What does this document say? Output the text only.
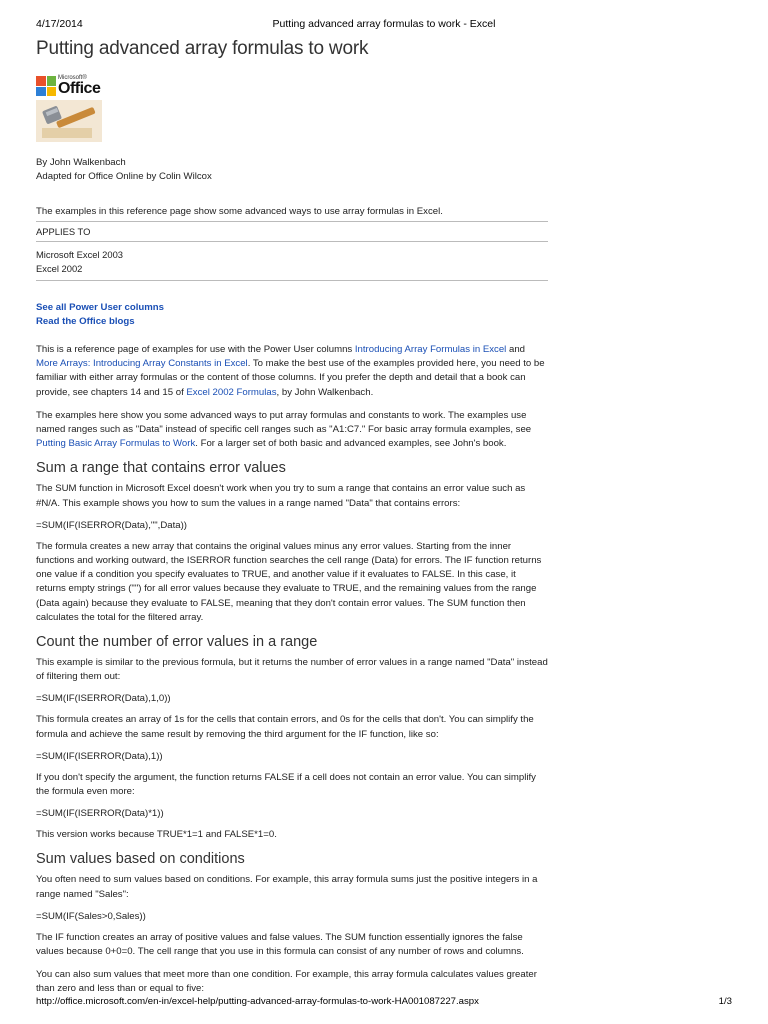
4/17/2014	Putting advanced array formulas to work - Excel
Putting advanced array formulas to work
Microsoft®
Office
By John Walkenbach
Adapted for Office Online by Colin Wilcox
The examples in this reference page show some advanced ways to use array formulas in Excel.
APPLIES TO
Microsoft Excel 2003
Excel 2002
See all Power User columns
Read the Office blogs

This is a reference page of examples for use with the Power User columns Introducing Array Formulas in Excel and More Arrays: Introducing Array Constants in Excel. To make the best use of the examples provided here, you need to be familiar with either array formulas or the content of those columns. If you prefer the depth and detail that a book can provide, see chapters 14 and 15 of Excel 2002 Formulas, by John Walkenbach.

The examples here show you some advanced ways to put array formulas and constants to work. The examples use named ranges such as "Data" instead of specific cell ranges such as "A1:C7." For basic array formula examples, see Putting Basic Array Formulas to Work. For a larger set of both basic and advanced examples, see John's book.

Sum a range that contains error values

The SUM function in Microsoft Excel doesn't work when you try to sum a range that contains an error value such as #N/A. This example shows you how to sum the values in a range named "Data" that contains errors:

=SUM(IF(ISERROR(Data),"",Data))

The formula creates a new array that contains the original values minus any error values. Starting from the inner functions and working outward, the ISERROR function searches the cell range (Data) for errors. The IF function returns one value if a condition you specify evaluates to TRUE, and another value if it evaluates to FALSE. In this case, it returns empty strings ("") for all error values because they evaluate to TRUE, and the remaining values from the range (Data again) because they evaluate to FALSE, meaning that they don't contain error values. The SUM function then calculates the total for the filtered array.

Count the number of error values in a range

This example is similar to the previous formula, but it returns the number of error values in a range named "Data" instead of filtering them out:

=SUM(IF(ISERROR(Data),1,0))

This formula creates an array of 1s for the cells that contain errors, and 0s for the cells that don't. You can simplify the formula and achieve the same result by removing the third argument for the IF function, like so:

=SUM(IF(ISERROR(Data),1))

If you don't specify the argument, the function returns FALSE if a cell does not contain an error value. You can simplify the formula even more:

=SUM(IF(ISERROR(Data)*1))

This version works because TRUE*1=1 and FALSE*1=0.

Sum values based on conditions

You often need to sum values based on conditions. For example, this array formula sums just the positive integers in a range named "Sales":

=SUM(IF(Sales>0,Sales))

The IF function creates an array of positive values and false values. The SUM function essentially ignores the false values because 0+0=0. The cell range that you use in this formula can consist of any number of rows and columns.

You can also sum values that meet more than one condition. For example, this array formula calculates values greater than zero and less than or equal to five:

http://office.microsoft.com/en-in/excel-help/putting-advanced-array-formulas-to-work-HA001087227.aspx	1/3
